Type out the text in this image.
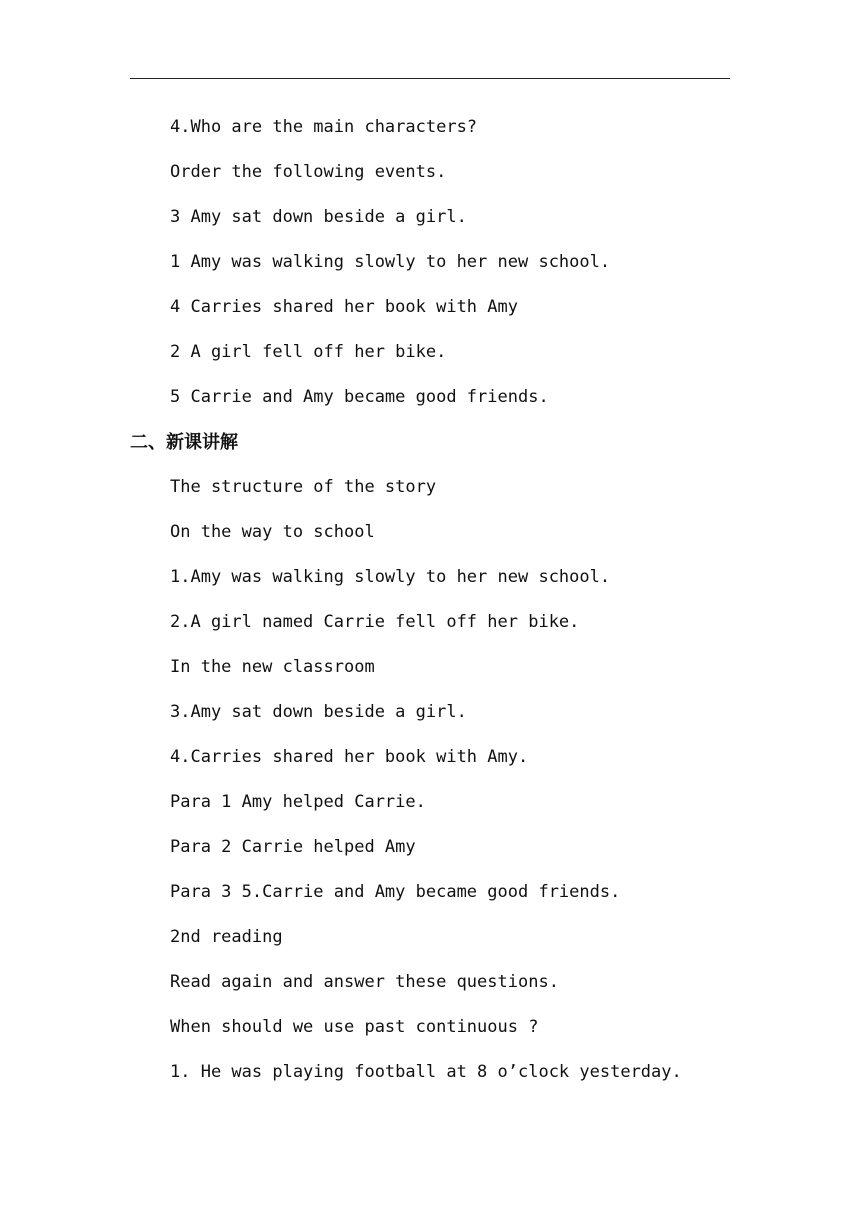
4.Who are the main characters?
Order the following events.
3 Amy sat down beside a girl.
1 Amy was walking slowly to her new school.
4 Carries shared her book with Amy
2 A girl fell off her bike.
5 Carrie and Amy became good friends.
二、新课讲解
The structure of the story
On the way to school
1.Amy was walking slowly to her new school.
2.A girl named Carrie fell off her bike.
In the new classroom
3.Amy sat down beside a girl.
4.Carries shared her book with Amy.
Para 1 Amy helped Carrie.
Para 2 Carrie helped Amy
Para 3 5.Carrie and Amy became good friends.
2nd reading
Read again and answer these questions.
When should we use past continuous ?
1. He was playing football at 8 o’clock yesterday.
